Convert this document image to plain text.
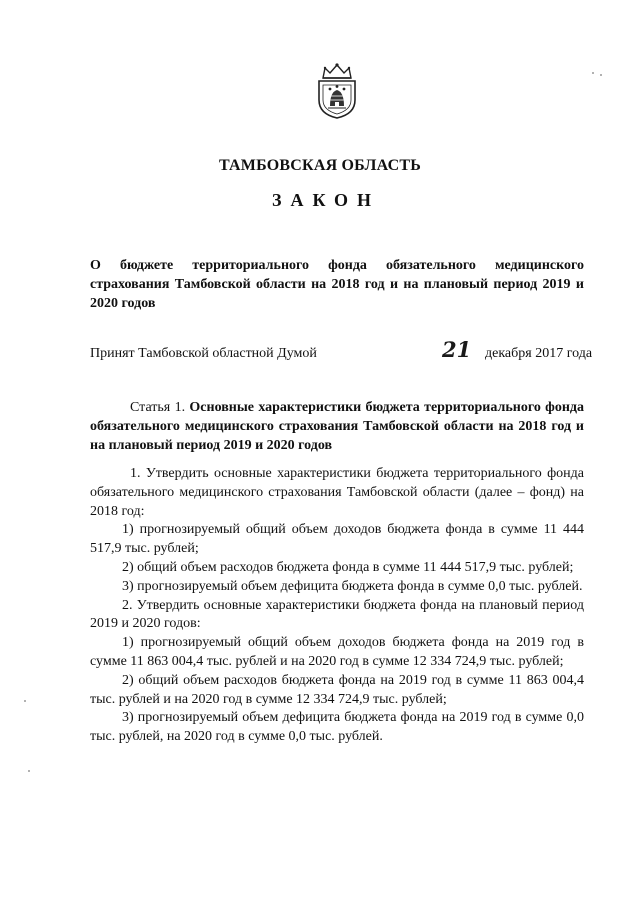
ТАМБОВСКАЯ ОБЛАСТЬ
ЗАКОН
О бюджете территориального фонда обязательного медицинского страхования Тамбовской области на 2018 год и на плановый период 2019 и 2020 годов
Принят Тамбовской областной Думой	21 декабря 2017 года
Статья 1. Основные характеристики бюджета территориального фонда обязательного медицинского страхования Тамбовской области на 2018 год и на плановый период 2019 и 2020 годов

1. Утвердить основные характеристики бюджета территориального фонда обязательного медицинского страхования Тамбовской области (далее – фонд) на 2018 год:

1) прогнозируемый общий объем доходов бюджета фонда в сумме 11 444 517,9 тыс. рублей;

2) общий объем расходов бюджета фонда в сумме 11 444 517,9 тыс. рублей;

3) прогнозируемый объем дефицита бюджета фонда в сумме 0,0 тыс. рублей.

2. Утвердить основные характеристики бюджета фонда на плановый период 2019 и 2020 годов:

1) прогнозируемый общий объем доходов бюджета фонда на 2019 год в сумме 11 863 004,4 тыс. рублей и на 2020 год в сумме 12 334 724,9 тыс. рублей;

2) общий объем расходов бюджета фонда на 2019 год в сумме 11 863 004,4 тыс. рублей и на 2020 год в сумме 12 334 724,9 тыс. рублей;

3) прогнозируемый объем дефицита бюджета фонда на 2019 год в сумме 0,0 тыс. рублей, на 2020 год в сумме 0,0 тыс. рублей.
